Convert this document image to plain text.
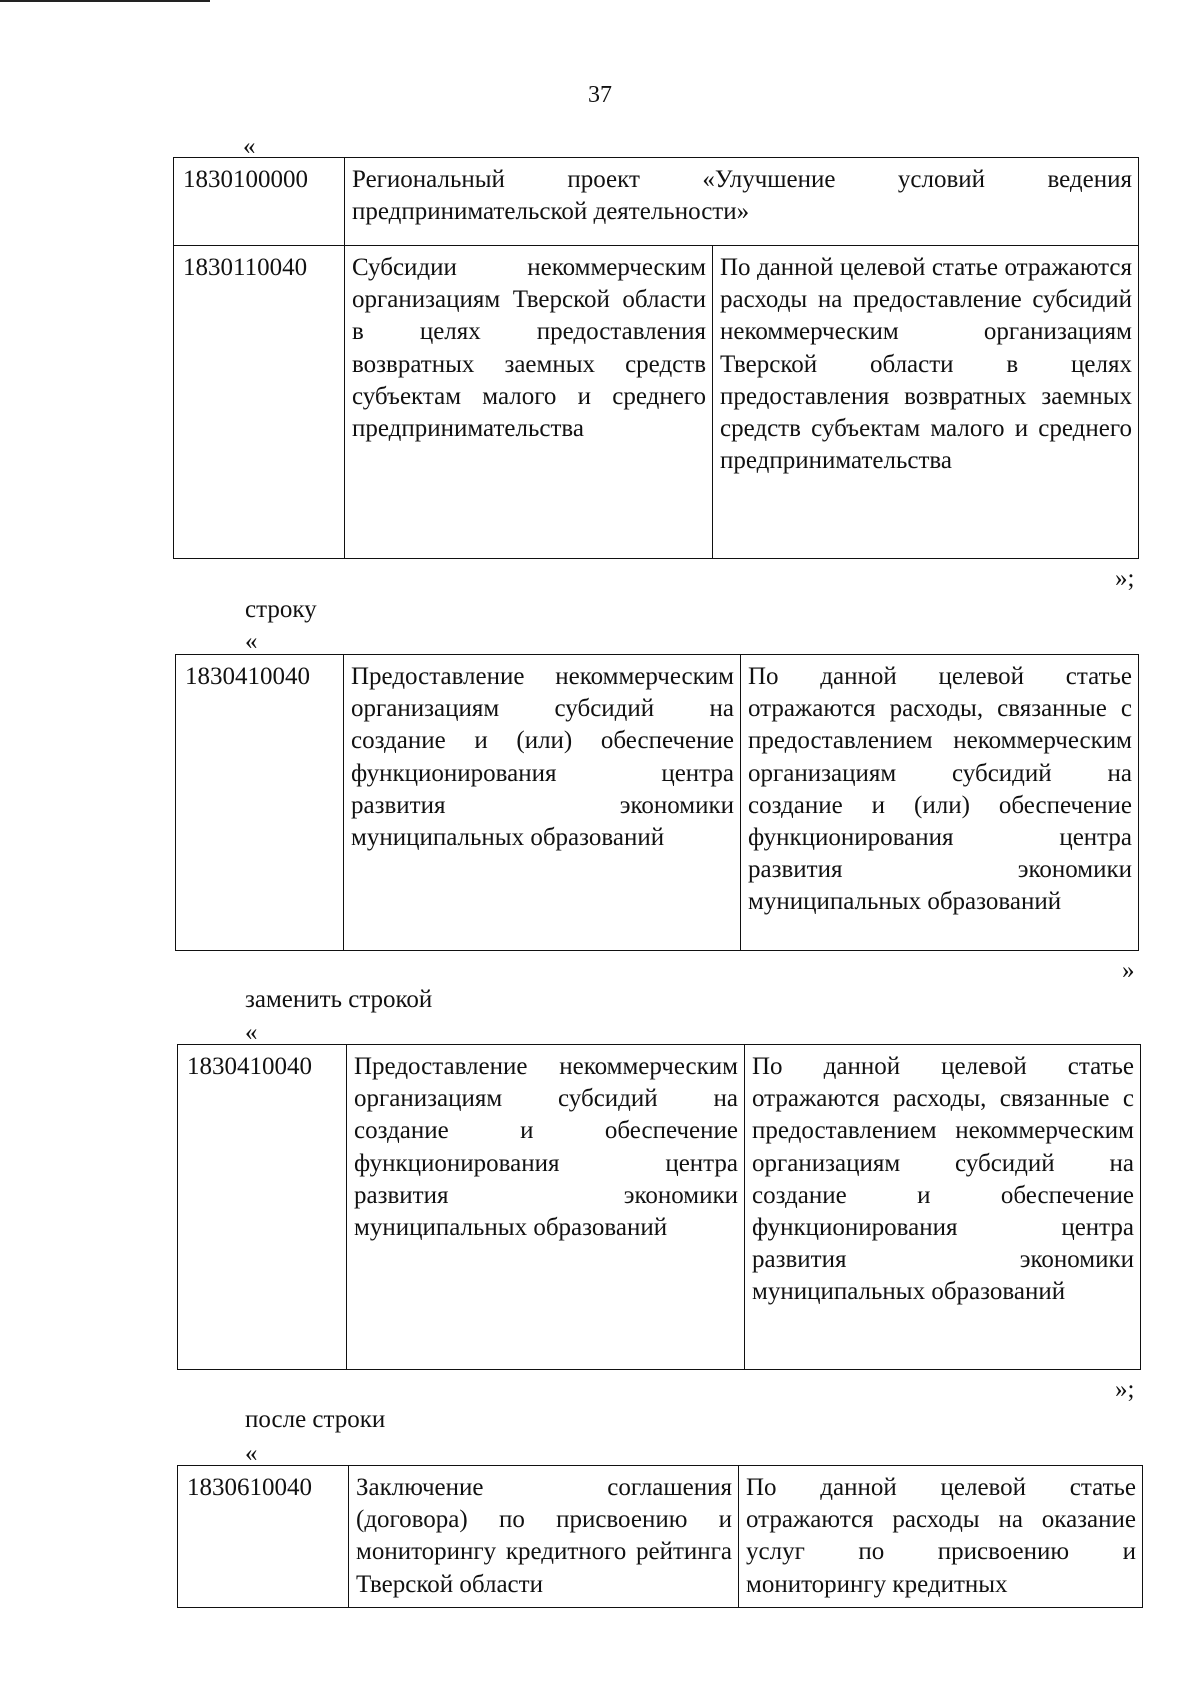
37
«
1830100000	Региональный проект «Улучшение условий ведения предпринимательской деятельности»	
1830110040	Субсидии некоммерческим организациям Тверской области в целях предоставления возвратных заемных средств субъектам малого и среднего предпринимательства	По данной целевой статье отражаются расходы на предоставление субсидий некоммерческим организациям Тверской области в целях предоставления возвратных заемных средств субъектам малого и среднего предпринимательства
»;
строку
«
1830410040	Предоставление некоммерческим организациям субсидий на создание и (или) обеспечение функционирования центра развития экономики муниципальных образований	По данной целевой статье отражаются расходы, связанные с предоставлением некоммерческим организациям субсидий на создание и (или) обеспечение функционирования центра развития экономики муниципальных образований
»
заменить строкой
«
1830410040	Предоставление некоммерческим организациям субсидий на создание и обеспечение функционирования центра развития экономики муниципальных образований	По данной целевой статье отражаются расходы, связанные с предоставлением некоммерческим организациям субсидий на создание и обеспечение функционирования центра развития экономики муниципальных образований
»;
после строки
«
1830610040	Заключение соглашения (договора) по присвоению и мониторингу кредитного рейтинга Тверской области	По данной целевой статье отражаются расходы на оказание услуг по присвоению и мониторингу кредитных
